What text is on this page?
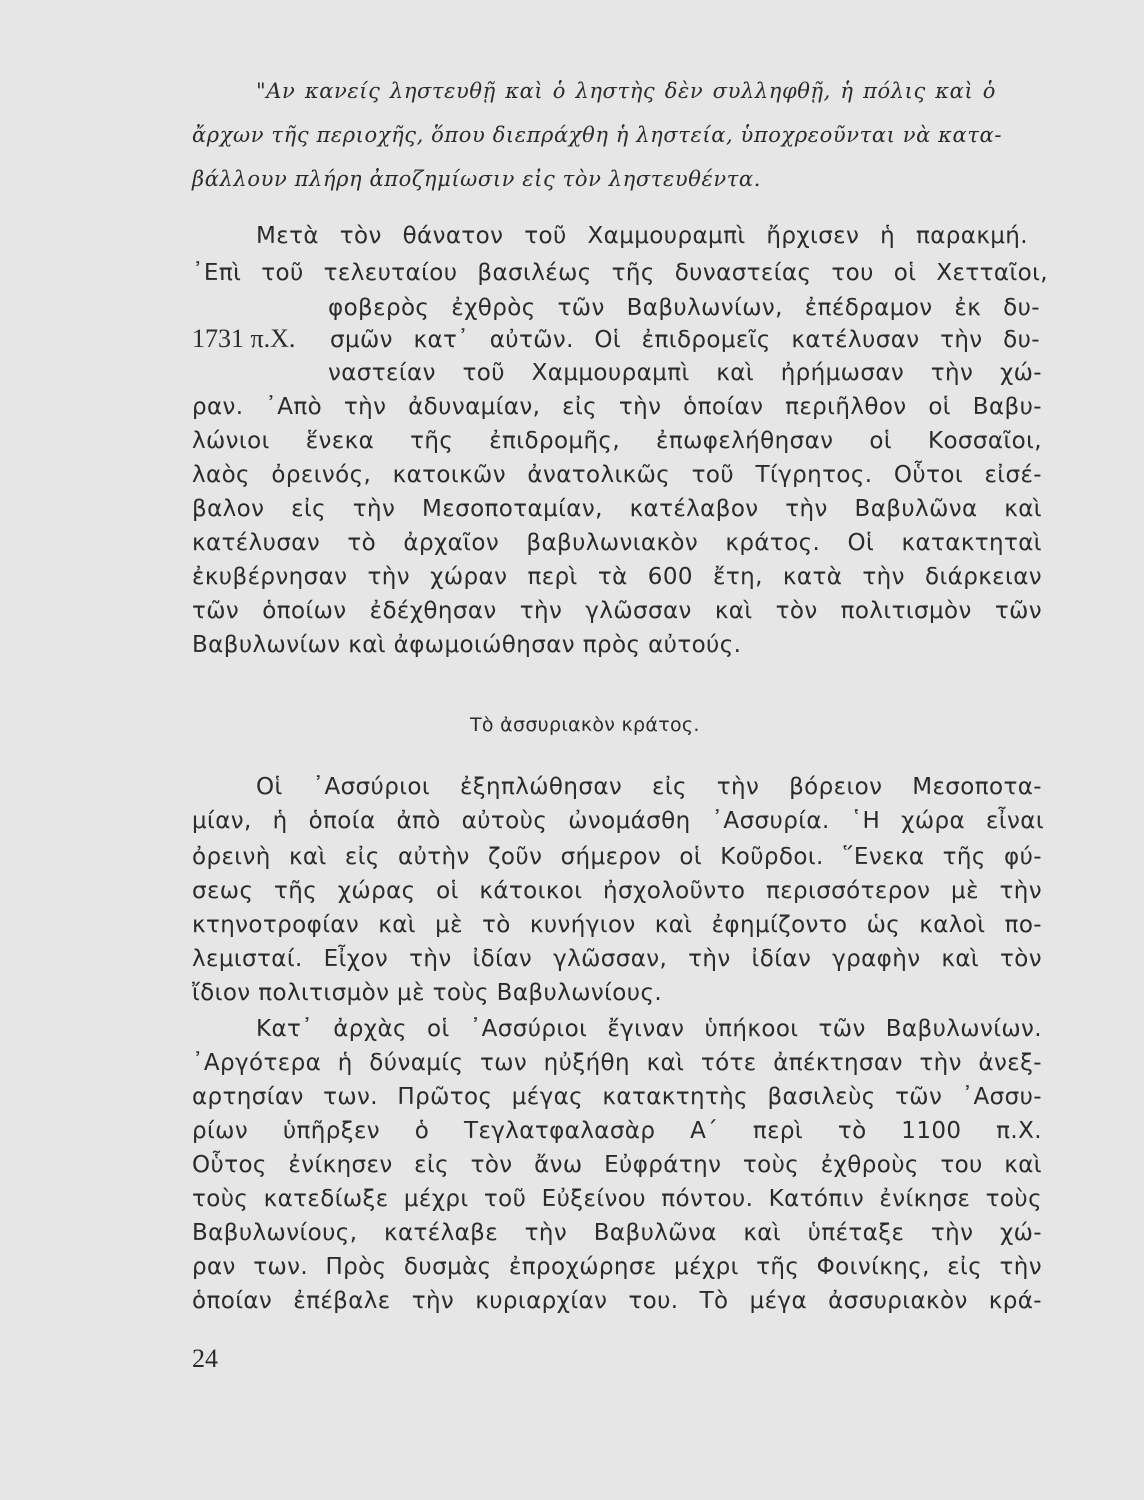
"Αν κανείς ληστευθῇ καὶ ὁ ληστὴς δὲν συλληφθῇ, ἡ πόλις καὶ ὁ

ἄρχων τῆς περιοχῆς, ὅπου διεπράχθη ἡ ληστεία, ὑποχρεοῦνται νὰ κατα-

βάλλουν πλήρη ἀποζημίωσιν εἰς τὸν ληστευθέντα.

Μετὰ τὸν θάνατον τοῦ Χαμμουραμπὶ ἤρχισεν ἡ παρακμή.

᾿Επὶ τοῦ τελευταίου βασιλέως τῆς δυναστείας του οἱ Χετταῖοι,

φοβερὸς ἐχθρὸς τῶν Βαβυλωνίων, ἐπέδραμον ἐκ δυ-

1731 π.Χ. σμῶν κατ᾿ αὐτῶν. Οἱ ἐπιδρομεῖς κατέλυσαν τὴν δυ-

ναστείαν τοῦ Χαμμουραμπὶ καὶ ἠρήμωσαν τὴν χώ-

ραν. ᾿Απὸ τὴν ἀδυναμίαν, εἰς τὴν ὁποίαν περιῆλθον οἱ Βαβυ-

λώνιοι ἕνεκα τῆς ἐπιδρομῆς, ἐπωφελήθησαν οἱ Κοσσαῖοι,

λαὸς ὀρεινός, κατοικῶν ἀνατολικῶς τοῦ Τίγρητος. Οὗτοι εἰσέ-

βαλον εἰς τὴν Μεσοποταμίαν, κατέλαβον τὴν Βαβυλῶνα καὶ

κατέλυσαν τὸ ἀρχαῖον βαβυλωνιακὸν κράτος. Οἱ κατακτηταὶ

ἐκυβέρνησαν τὴν χώραν περὶ τὰ 600 ἔτη, κατὰ τὴν διάρκειαν

τῶν ὁποίων ἐδέχθησαν τὴν γλῶσσαν καὶ τὸν πολιτισμὸν τῶν

Βαβυλωνίων καὶ ἀφωμοιώθησαν πρὸς αὐτούς.

Τὸ ἀσσυριακὸν κράτος.

Οἱ ᾿Ασσύριοι ἐξηπλώθησαν εἰς τὴν βόρειον Μεσοποτα-

μίαν, ἡ ὁποία ἀπὸ αὐτοὺς ὠνομάσθη ᾿Ασσυρία. ῾Η χώρα εἶναι

ὀρεινὴ καὶ εἰς αὐτὴν ζοῦν σήμερον οἱ Κοῦρδοι. ῞Ενεκα τῆς φύ-

σεως τῆς χώρας οἱ κάτοικοι ἠσχολοῦντο περισσότερον μὲ τὴν

κτηνοτροφίαν καὶ μὲ τὸ κυνήγιον καὶ ἐφημίζοντο ὡς καλοὶ πο-

λεμισταί. Εἶχον τὴν ἰδίαν γλῶσσαν, τὴν ἰδίαν γραφὴν καὶ τὸν

ἴδιον πολιτισμὸν μὲ τοὺς Βαβυλωνίους.

Κατ᾿ ἀρχὰς οἱ ᾿Ασσύριοι ἔγιναν ὑπήκοοι τῶν Βαβυλωνίων.

᾿Αργότερα ἡ δύναμίς των ηὐξήθη καὶ τότε ἀπέκτησαν τὴν ἀνεξ-

αρτησίαν των. Πρῶτος μέγας κατακτητὴς βασιλεὺς τῶν ᾿Ασσυ-

ρίων ὑπῆρξεν ὁ Τεγλατφαλασὰρ Α΄ περὶ τὸ 1100 π.Χ.

Οὗτος ἐνίκησεν εἰς τὸν ἄνω Εὐφράτην τοὺς ἐχθροὺς του καὶ

τοὺς κατεδίωξε μέχρι τοῦ Εὐξείνου πόντου. Κατόπιν ἐνίκησε τοὺς

Βαβυλωνίους, κατέλαβε τὴν Βαβυλῶνα καὶ ὑπέταξε τὴν χώ-

ραν των. Πρὸς δυσμὰς ἐπροχώρησε μέχρι τῆς Φοινίκης, εἰς τὴν

ὁποίαν ἐπέβαλε τὴν κυριαρχίαν του. Τὸ μέγα ἀσσυριακὸν κρά-

24
